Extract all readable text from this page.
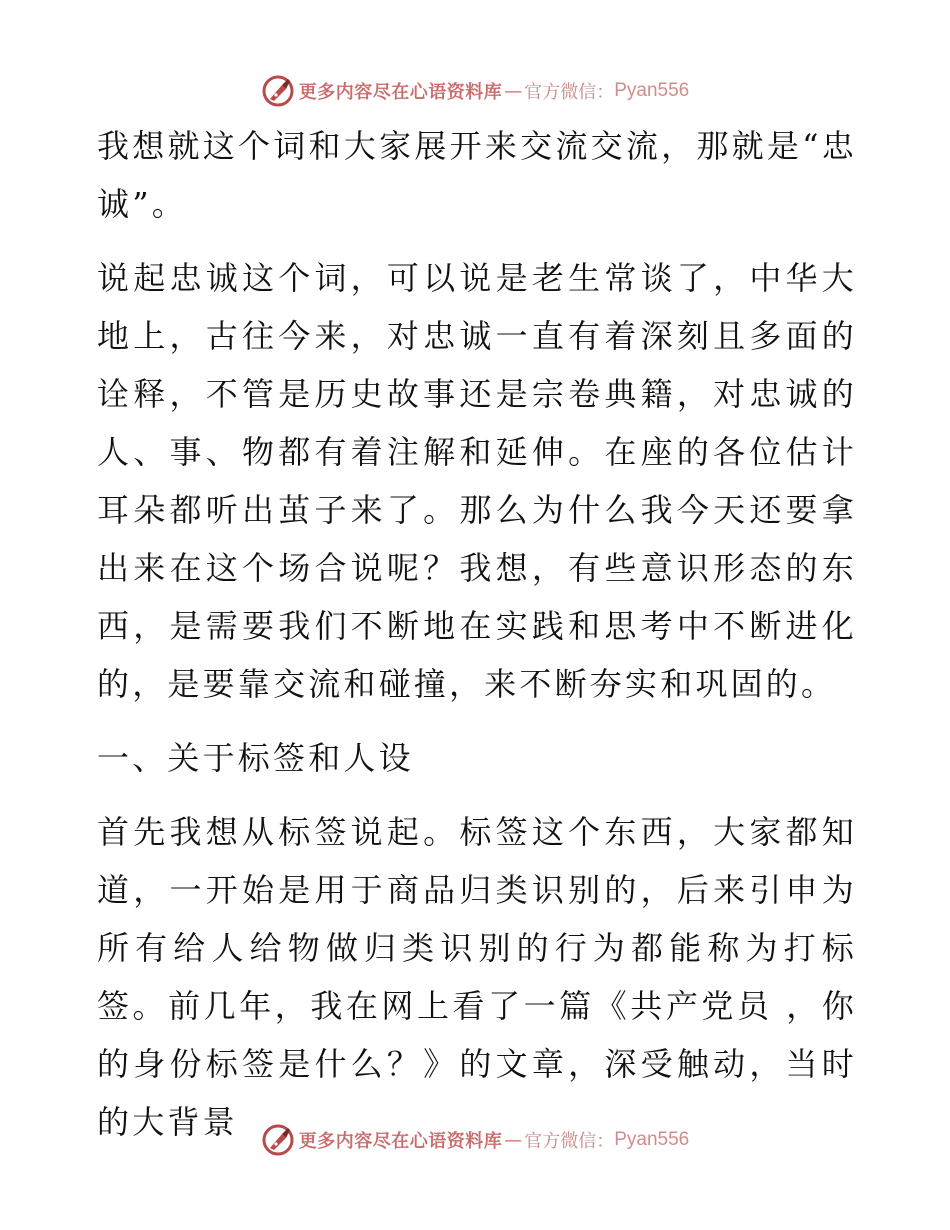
更多内容尽在心语资料库 — 官方微信： Pyan556

我想就这个词和大家展开来交流交流，那就是“忠诚”。

说起忠诚这个词，可以说是老生常谈了，中华大地上，古往今来，对忠诚一直有着深刻且多面的诠释，不管是历史故事还是宗卷典籍，对忠诚的人、事、物都有着注解和延伸。在座的各位估计耳朵都听出茧子来了。那么为什么我今天还要拿出来在这个场合说呢？我想，有些意识形态的东西，是需要我们不断地在实践和思考中不断进化的，是要靠交流和碰撞，来不断夯实和巩固的。

一、关于标签和人设

首先我想从标签说起。标签这个东西，大家都知道，一开始是用于商品归类识别的，后来引申为所有给人给物做归类识别的行为都能称为打标签。前几年，我在网上看了一篇《共产党员 ，你的身份标签是什么？》的文章，深受触动，当时的大背景

更多内容尽在心语资料库 — 官方微信： Pyan556
